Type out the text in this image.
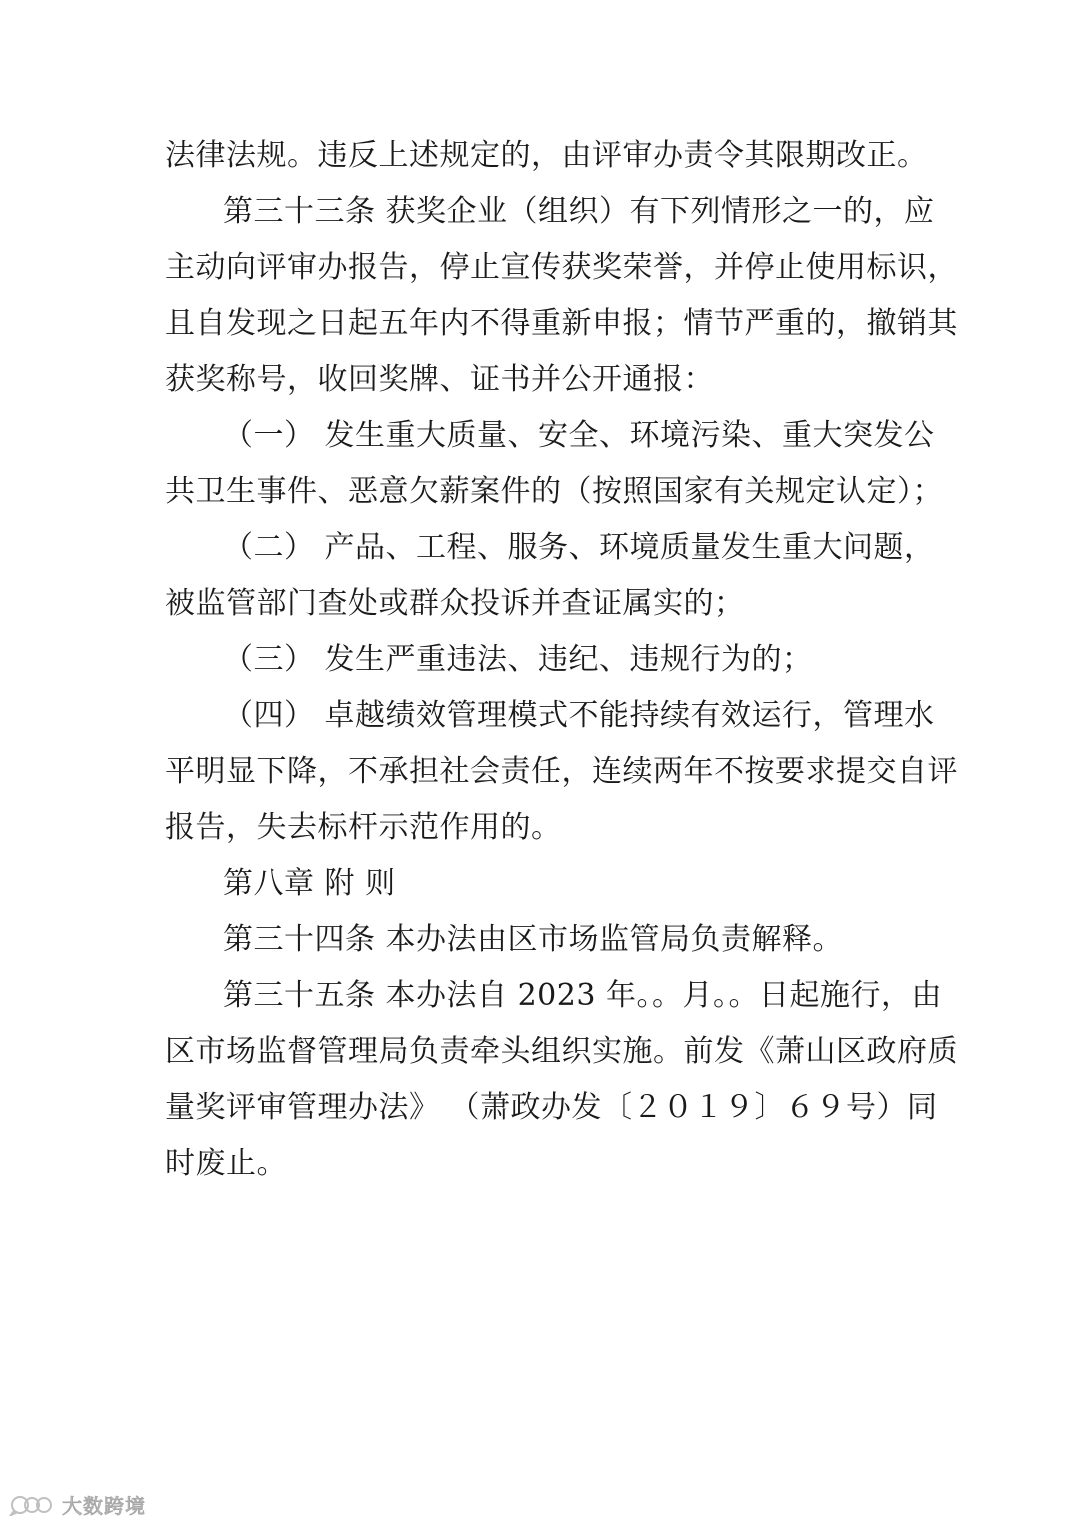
法律法规。违反上述规定的，由评审办责令其限期改正。
第三十三条 获奖企业（组织）有下列情形之一的，应
主动向评审办报告，停止宣传获奖荣誉，并停止使用标识，
且自发现之日起五年内不得重新申报；情节严重的，撤销其
获奖称号，收回奖牌、证书并公开通报：
（一） 发生重大质量、安全、环境污染、重大突发公
共卫生事件、恶意欠薪案件的（按照国家有关规定认定）；
（二） 产品、工程、服务、环境质量发生重大问题，
被监管部门查处或群众投诉并查证属实的；
（三） 发生严重违法、违纪、违规行为的；
（四） 卓越绩效管理模式不能持续有效运行，管理水
平明显下降，不承担社会责任，连续两年不按要求提交自评
报告，失去标杆示范作用的。
第八章 附 则
第三十四条 本办法由区市场监管局负责解释。
第三十五条 本办法自 2023 年。。月。。日起施行，由
区市场监督管理局负责牵头组织实施。前发《萧山区政府质
量奖评审管理办法》 （萧政办发〔２０１９〕６９号）同
时废止。
大数跨境
